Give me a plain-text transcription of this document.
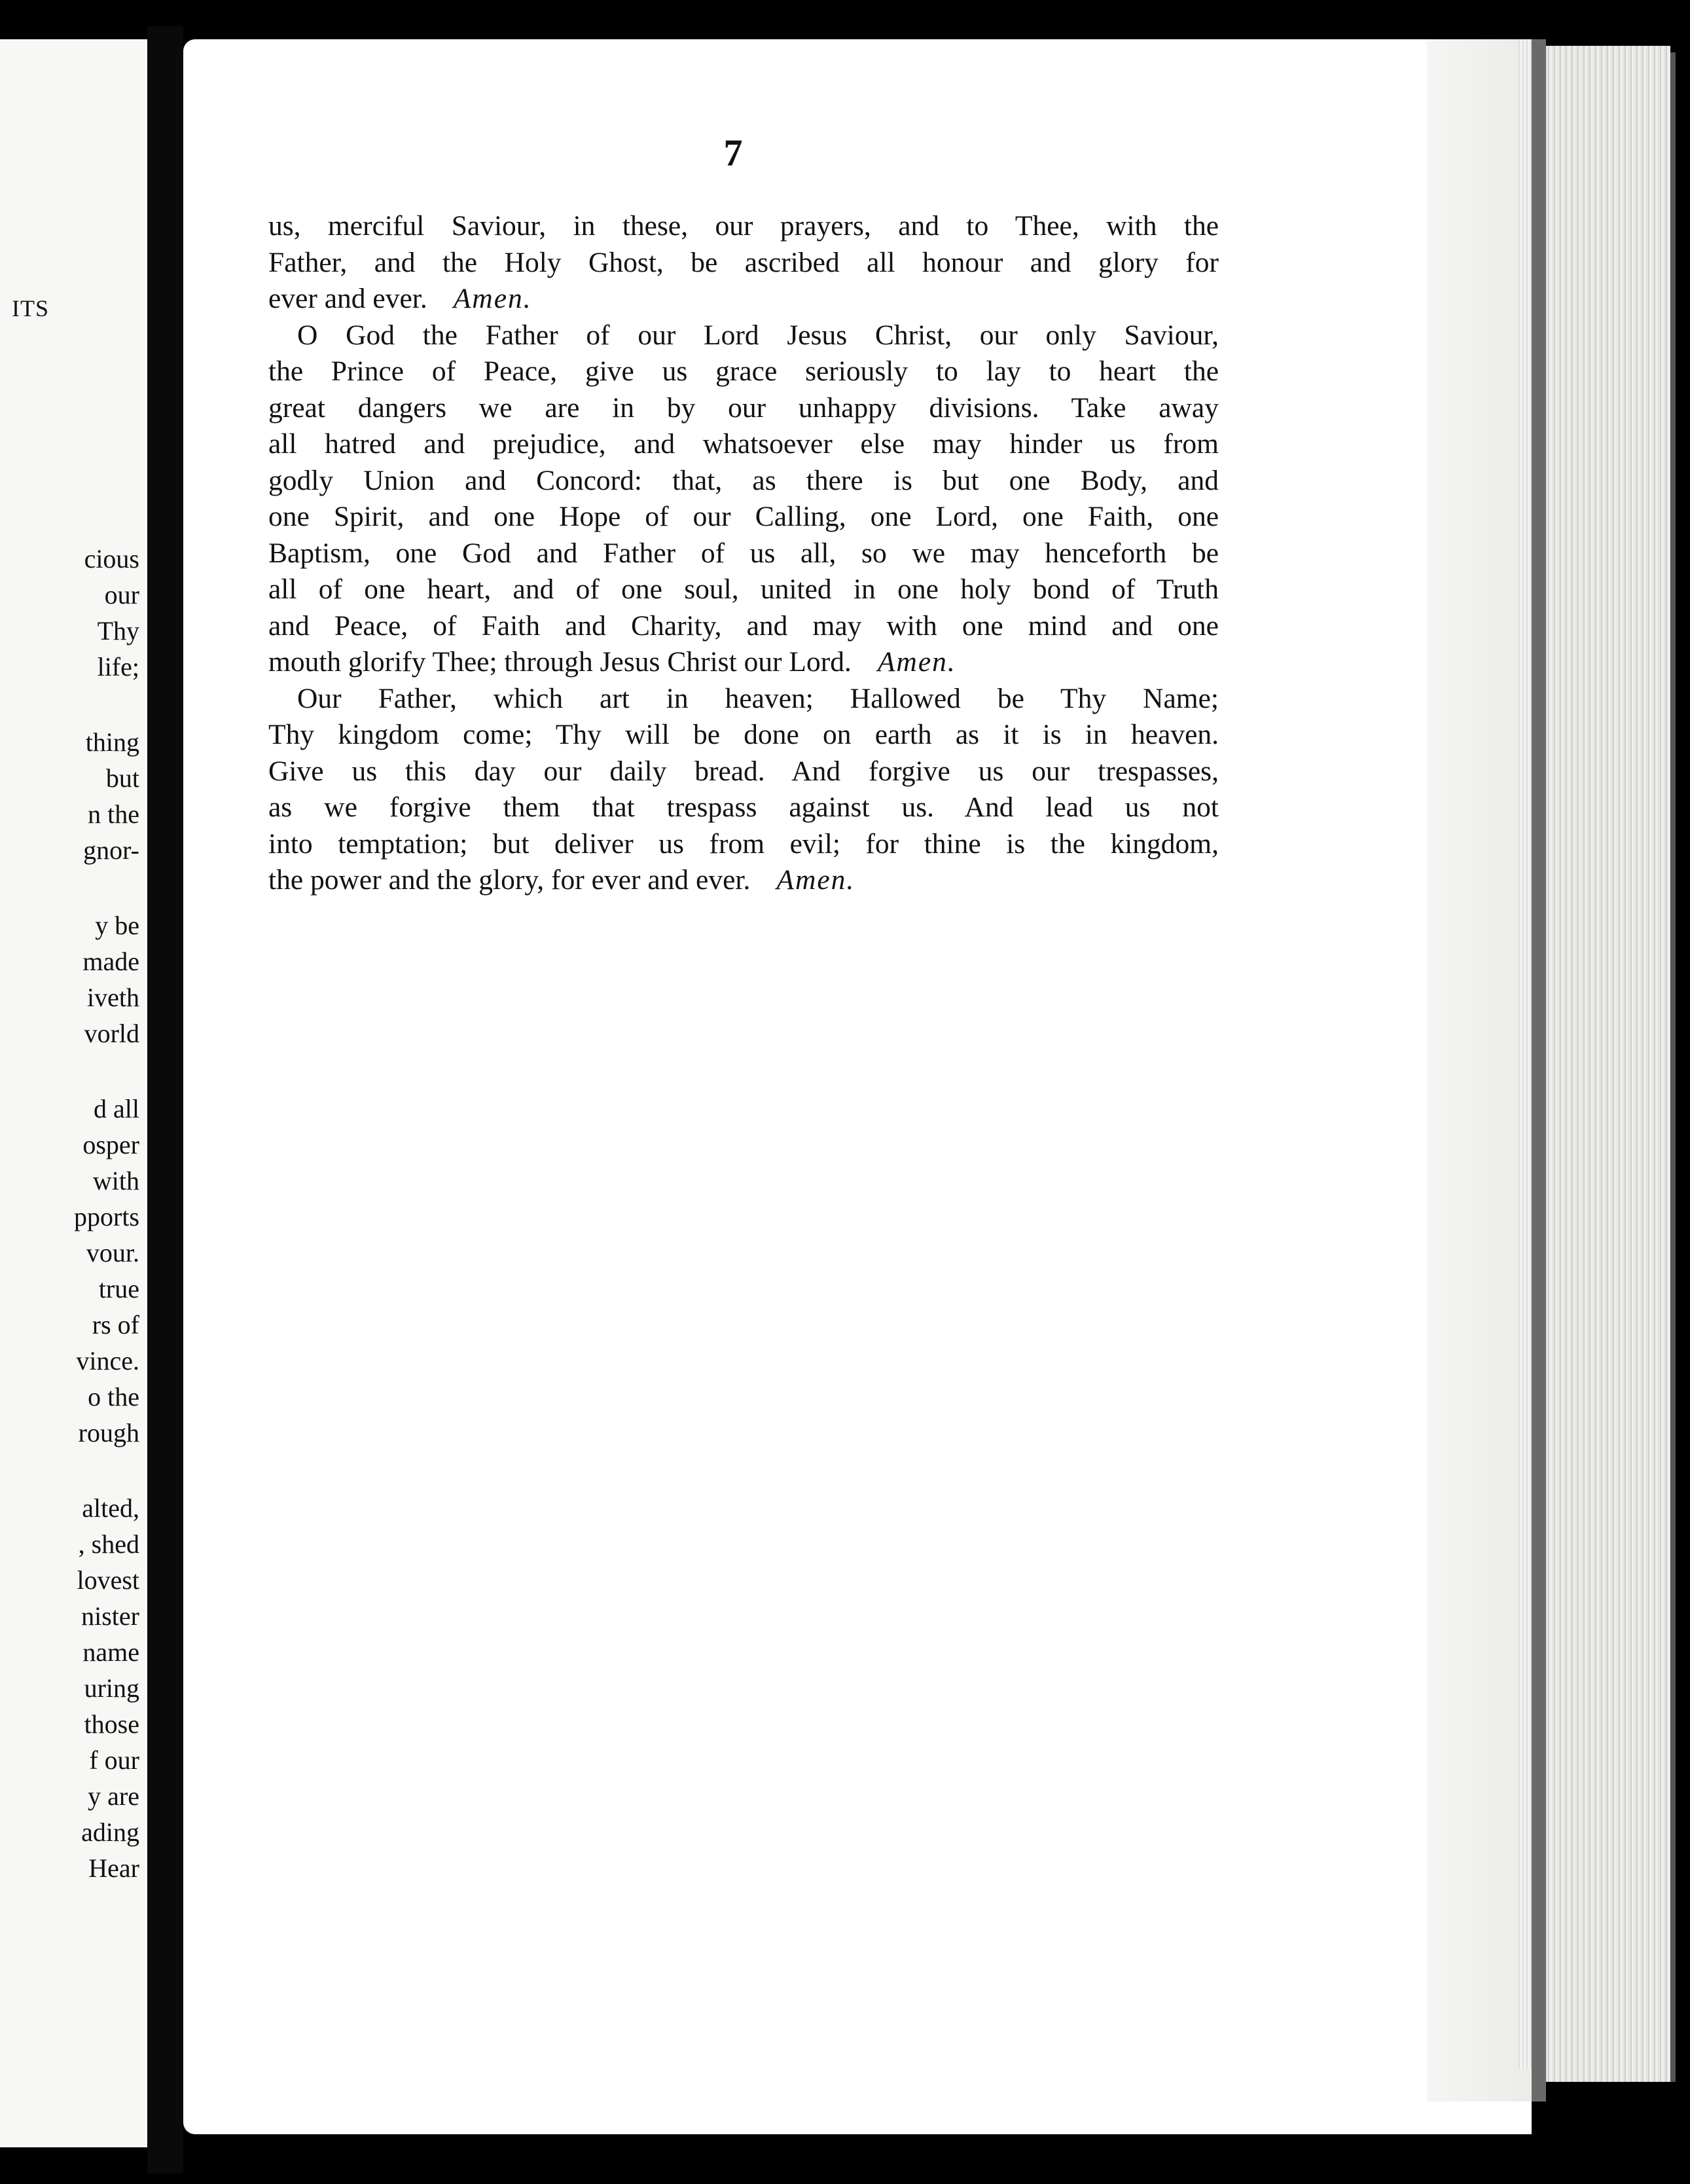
ITS
cious
our
Thy
life;
thing
but
n the
gnor-
y be
made
iveth
vorld
d all
osper
with
pports
vour.
true
rs of
vince.
o the
rough
alted,
, shed
lovest
nister
name
uring
those
f our
y are
ading
Hear
7
us, merciful Saviour, in these, our prayers, and to Thee, with the
Father, and the Holy Ghost, be ascribed all honour and glory for
ever and ever. Amen.
O God the Father of our Lord Jesus Christ, our only Saviour,
the Prince of Peace, give us grace seriously to lay to heart the
great dangers we are in by our unhappy divisions. Take away
all hatred and prejudice, and whatsoever else may hinder us from
godly Union and Concord: that, as there is but one Body, and
one Spirit, and one Hope of our Calling, one Lord, one Faith, one
Baptism, one God and Father of us all, so we may henceforth be
all of one heart, and of one soul, united in one holy bond of Truth
and Peace, of Faith and Charity, and may with one mind and one
mouth glorify Thee; through Jesus Christ our Lord. Amen.
Our Father, which art in heaven; Hallowed be Thy Name;
Thy kingdom come; Thy will be done on earth as it is in heaven.
Give us this day our daily bread. And forgive us our trespasses,
as we forgive them that trespass against us. And lead us not
into temptation; but deliver us from evil; for thine is the kingdom,
the power and the glory, for ever and ever. Amen.
